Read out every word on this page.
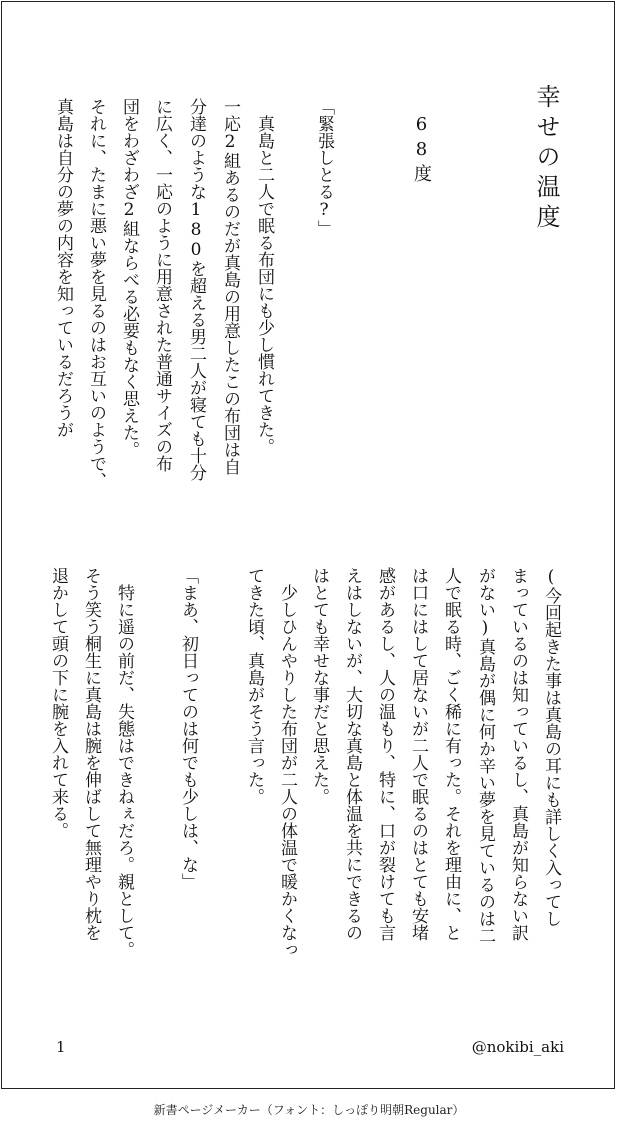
幸せの温度
68度
「緊張しとる?」
　真島と二人で眠る布団にも少し慣れてきた。
一応2組あるのだが真島の用意したこの布団は自
分達のような180を超える男二人が寝ても十分
に広く、一応のように用意された普通サイズの布
団をわざわざ2組ならべる必要もなく思えた。
それに、たまに悪い夢を見るのはお互いのようで、
真島は自分の夢の内容を知っているだろうが
(今回起きた事は真島の耳にも詳しく入ってし
まっているのは知っているし、真島が知らない訳
がない)真島が偶に何か辛い夢を見ているのは二
人で眠る時、ごく稀に有った。それを理由に、と
は口にはして居ないが二人で眠るのはとても安堵
感があるし、人の温もり、特に、口が裂けても言
えはしないが、大切な真島と体温を共にできるの
はとても幸せな事だと思えた。
　少しひんやりした布団が二人の体温で暖かくなっ
てきた頃、真島がそう言った。
「まあ、初日ってのは何でも少しは、な」
　特に遥の前だ、失態はできねぇだろ。親として。
そう笑う桐生に真島は腕を伸ばして無理やり枕を
退かして頭の下に腕を入れて来る。
1	@nokibi_aki
新書ページメーカー（フォント：しっぽり明朝Regular）
